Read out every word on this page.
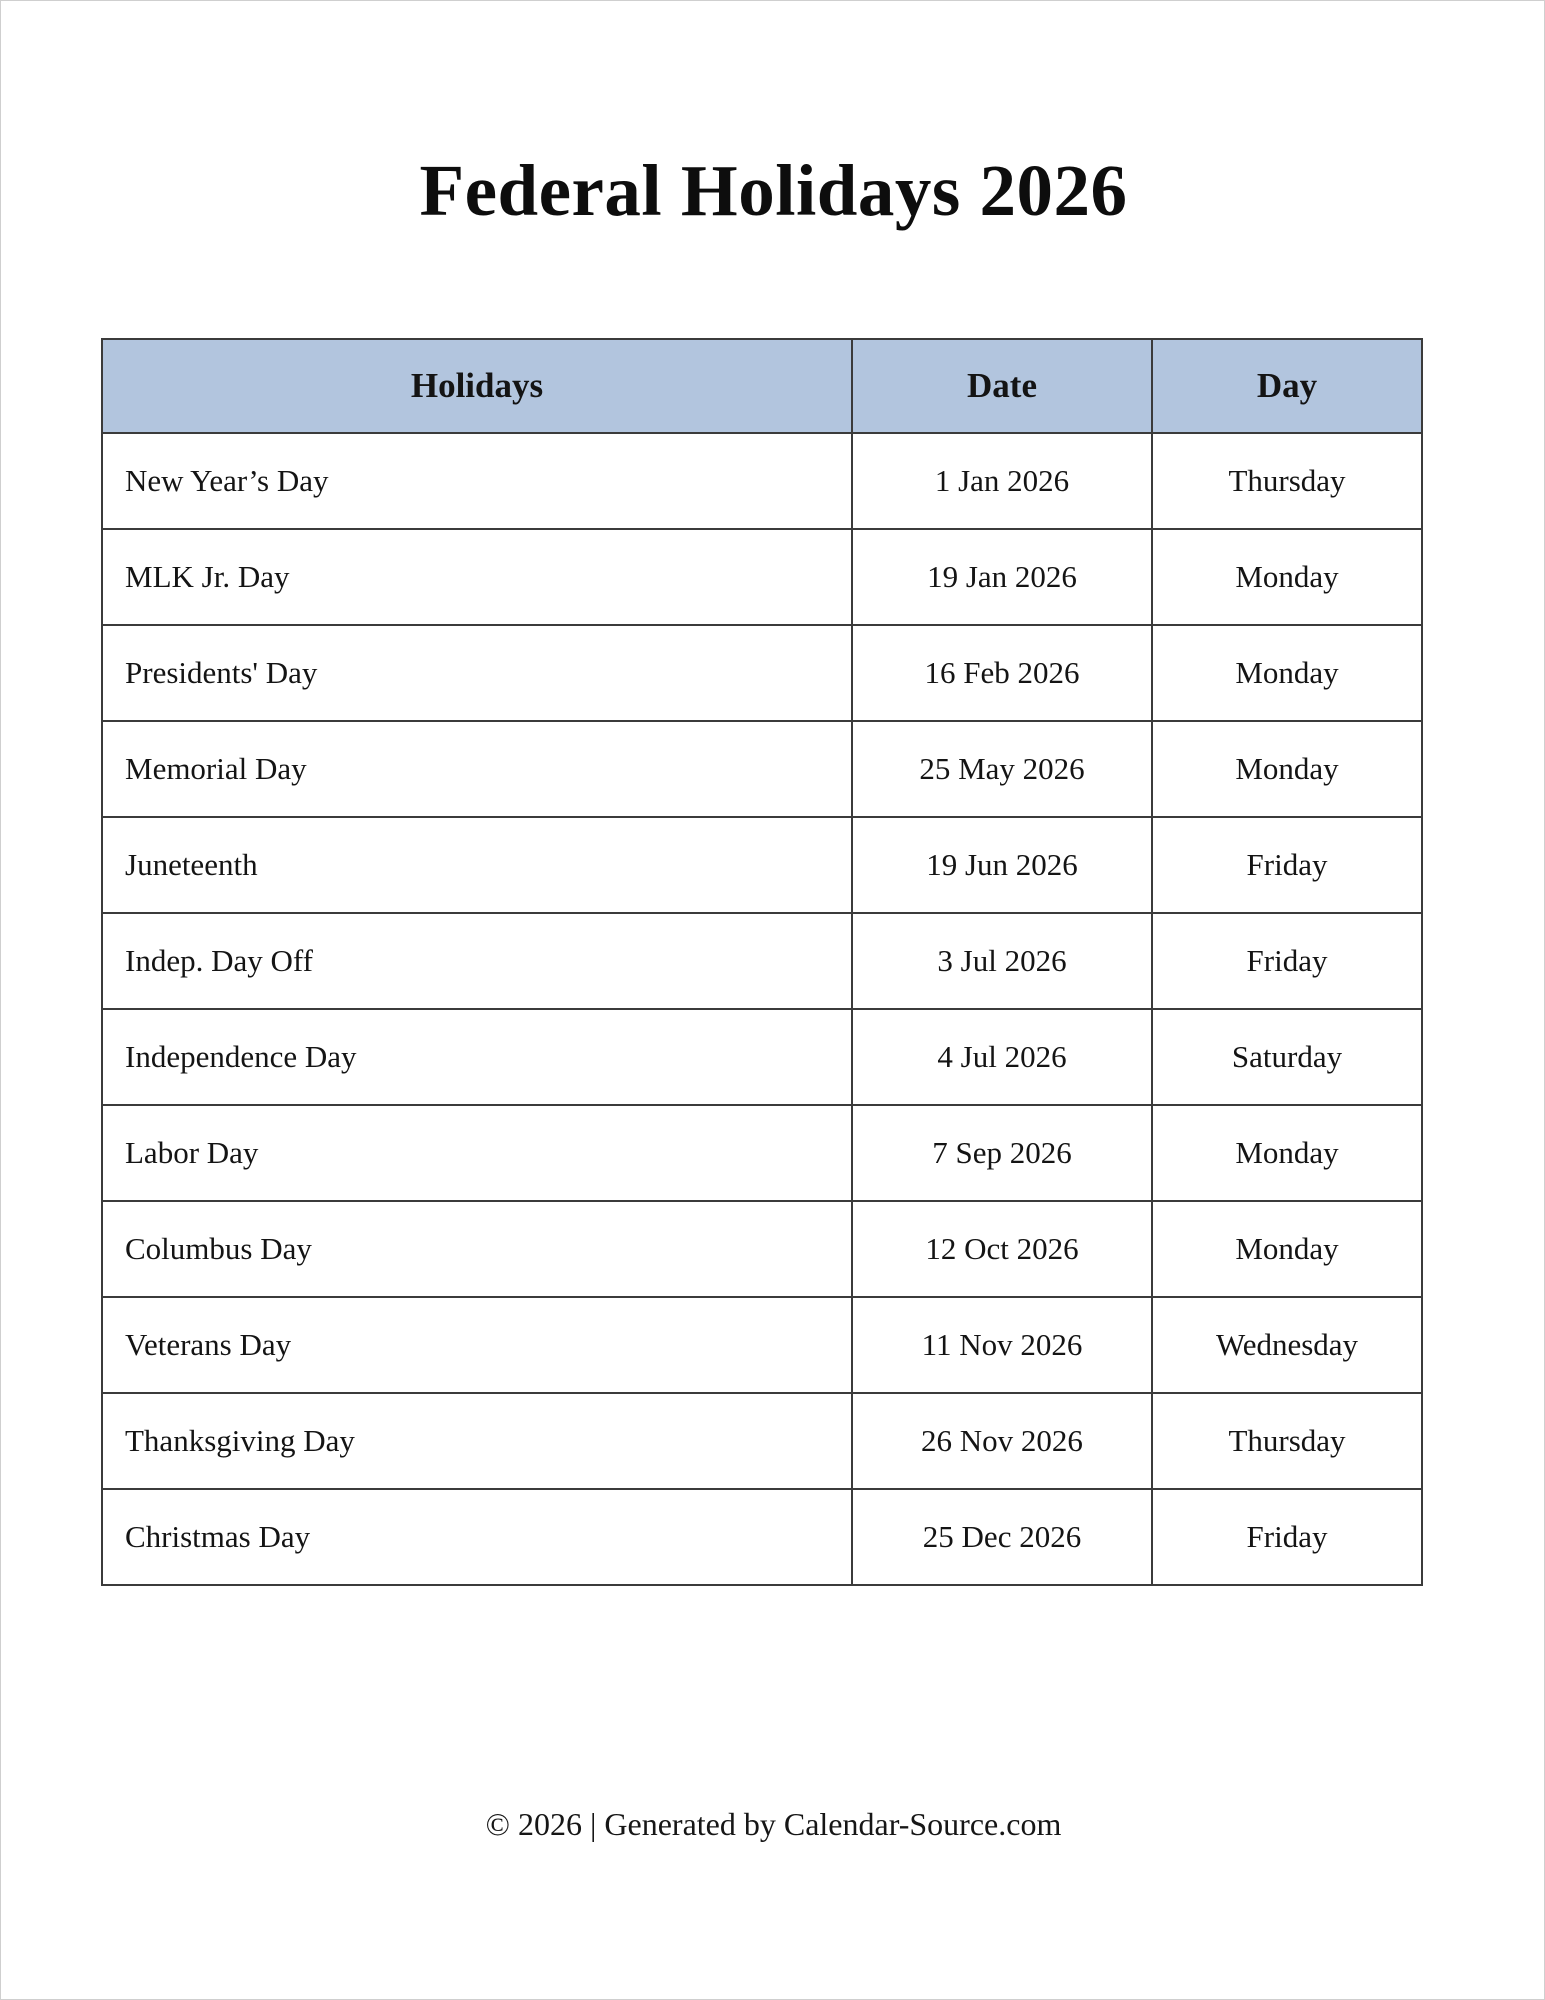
Federal Holidays 2026
Holidays	Date	Day
New Year’s Day	1 Jan 2026	Thursday
MLK Jr. Day	19 Jan 2026	Monday
Presidents' Day	16 Feb 2026	Monday
Memorial Day	25 May 2026	Monday
Juneteenth	19 Jun 2026	Friday
Indep. Day Off	3 Jul 2026	Friday
Independence Day	4 Jul 2026	Saturday
Labor Day	7 Sep 2026	Monday
Columbus Day	12 Oct 2026	Monday
Veterans Day	11 Nov 2026	Wednesday
Thanksgiving Day	26 Nov 2026	Thursday
Christmas Day	25 Dec 2026	Friday
© 2026 | Generated by Calendar-Source.com
